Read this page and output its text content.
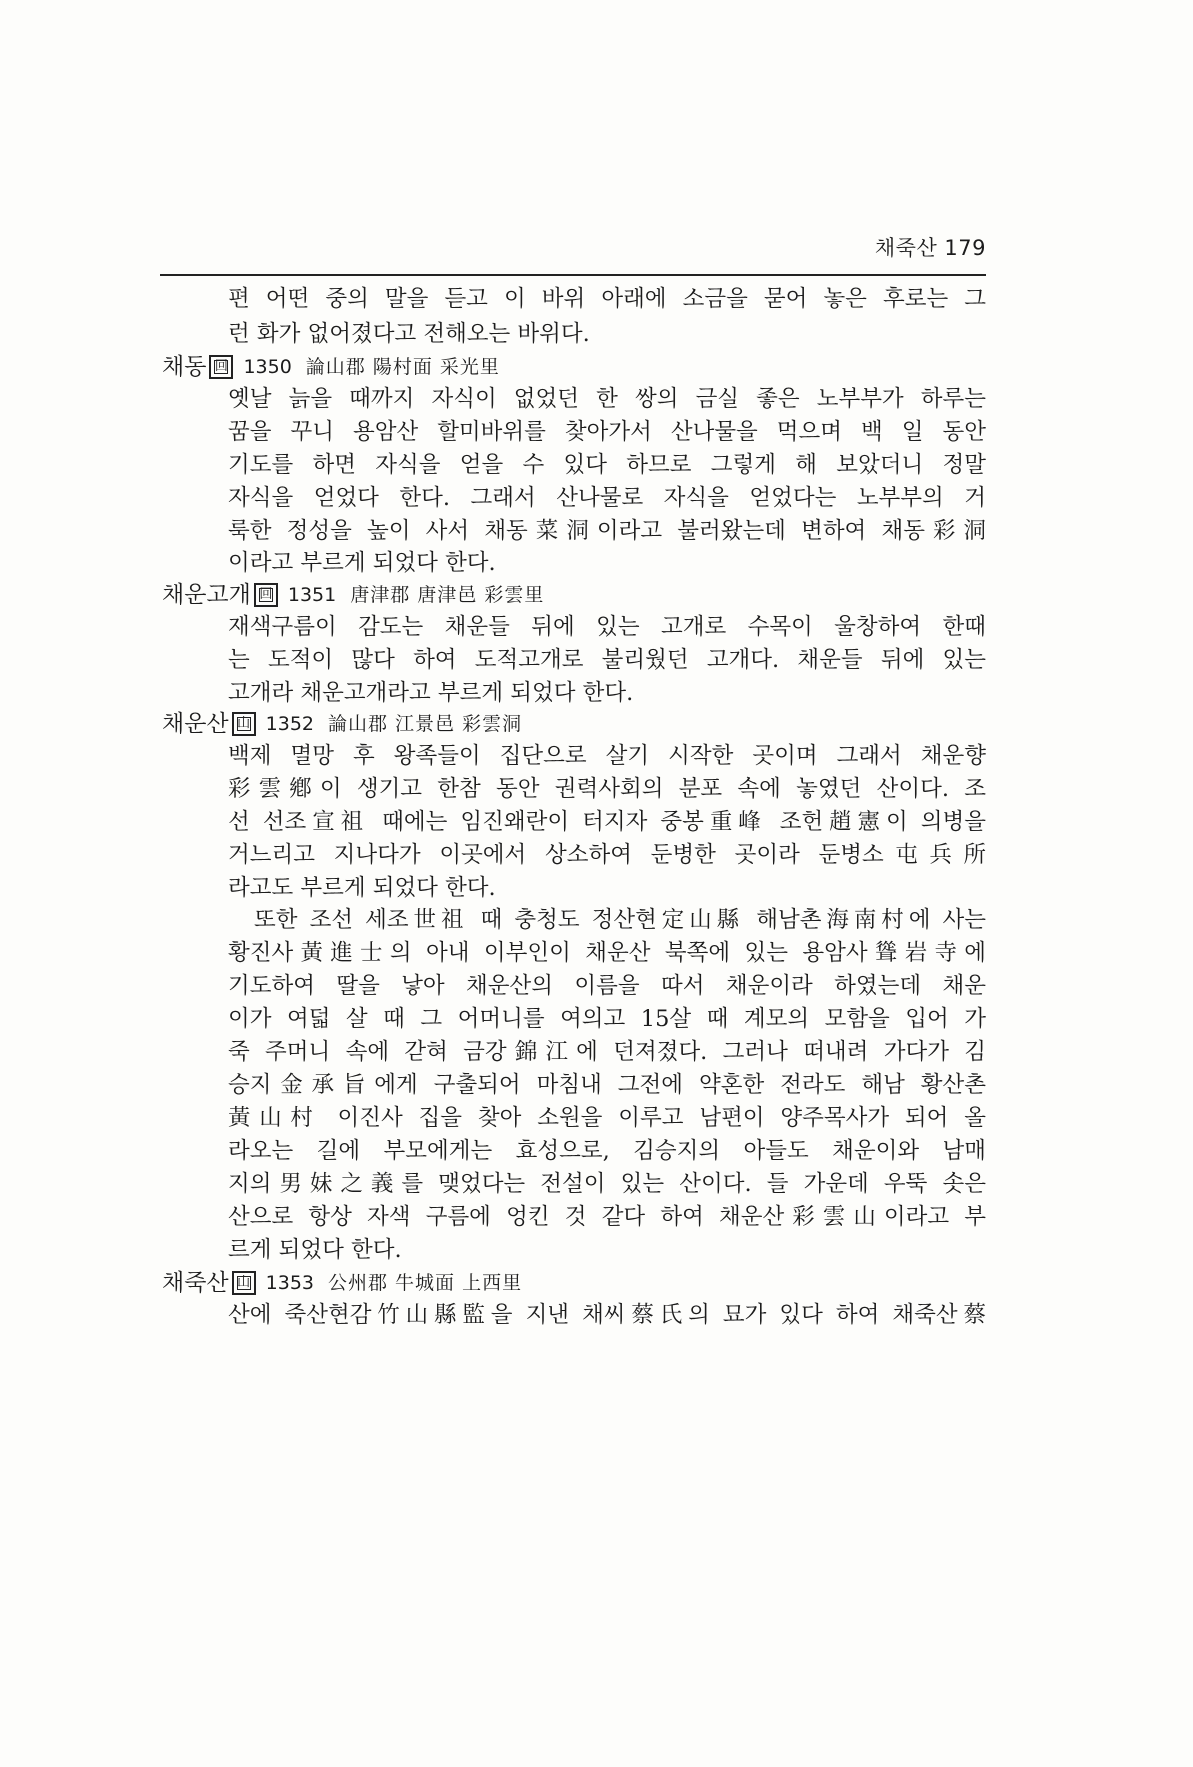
채죽산 179
편 어떤 중의 말을 듣고 이 바위 아래에 소금을 묻어 놓은 후로는 그
런 화가 없어졌다고 전해오는 바위다.
채동 回 1350 論山郡 陽村面 采光里
옛날 늙을 때까지 자식이 없었던 한 쌍의 금실 좋은 노부부가 하루는
꿈을 꾸니 용암산 할미바위를 찾아가서 산나물을 먹으며 백 일 동안
기도를 하면 자식을 얻을 수 있다 하므로 그렇게 해 보았더니 정말
자식을 얻었다 한다. 그래서 산나물로 자식을 얻었다는 노부부의 거
룩한 정성을 높이 사서 채동菜洞이라고 불러왔는데 변하여 채동彩洞
이라고 부르게 되었다 한다.
채운고개 回 1351 唐津郡 唐津邑 彩雲里
재색구름이 감도는 채운들 뒤에 있는 고개로 수목이 울창하여 한때
는 도적이 많다 하여 도적고개로 불리웠던 고개다. 채운들 뒤에 있는
고개라 채운고개라고 부르게 되었다 한다.
채운산 山 1352 論山郡 江景邑 彩雲洞
백제 멸망 후 왕족들이 집단으로 살기 시작한 곳이며 그래서 채운향
彩雲鄕이 생기고 한참 동안 권력사회의 분포 속에 놓였던 산이다. 조
선 선조宣祖 때에는 임진왜란이 터지자 중봉重峰 조헌趙憲이 의병을
거느리고 지나다가 이곳에서 상소하여 둔병한 곳이라 둔병소屯兵所
라고도 부르게 되었다 한다.
또한 조선 세조世祖 때 충청도 정산현定山縣 해남촌海南村에 사는
황진사黃進士의 아내 이부인이 채운산 북쪽에 있는 용암사聳岩寺에
기도하여 딸을 낳아 채운산의 이름을 따서 채운이라 하였는데 채운
이가 여덟 살 때 그 어머니를 여의고 15살 때 계모의 모함을 입어 가
죽 주머니 속에 갇혀 금강錦江에 던져졌다. 그러나 떠내려 가다가 김
승지金承旨에게 구출되어 마침내 그전에 약혼한 전라도 해남 황산촌
黃山村 이진사 집을 찾아 소원을 이루고 남편이 양주목사가 되어 올
라오는 길에 부모에게는 효성으로, 김승지의 아들도 채운이와 남매
지의男妹之義를 맺었다는 전설이 있는 산이다. 들 가운데 우뚝 솟은
산으로 항상 자색 구름에 엉킨 것 같다 하여 채운산彩雲山이라고 부
르게 되었다 한다.
채죽산 山 1353 公州郡 牛城面 上西里
산에 죽산현감竹山縣監을 지낸 채씨蔡氏의 묘가 있다 하여 채죽산蔡
